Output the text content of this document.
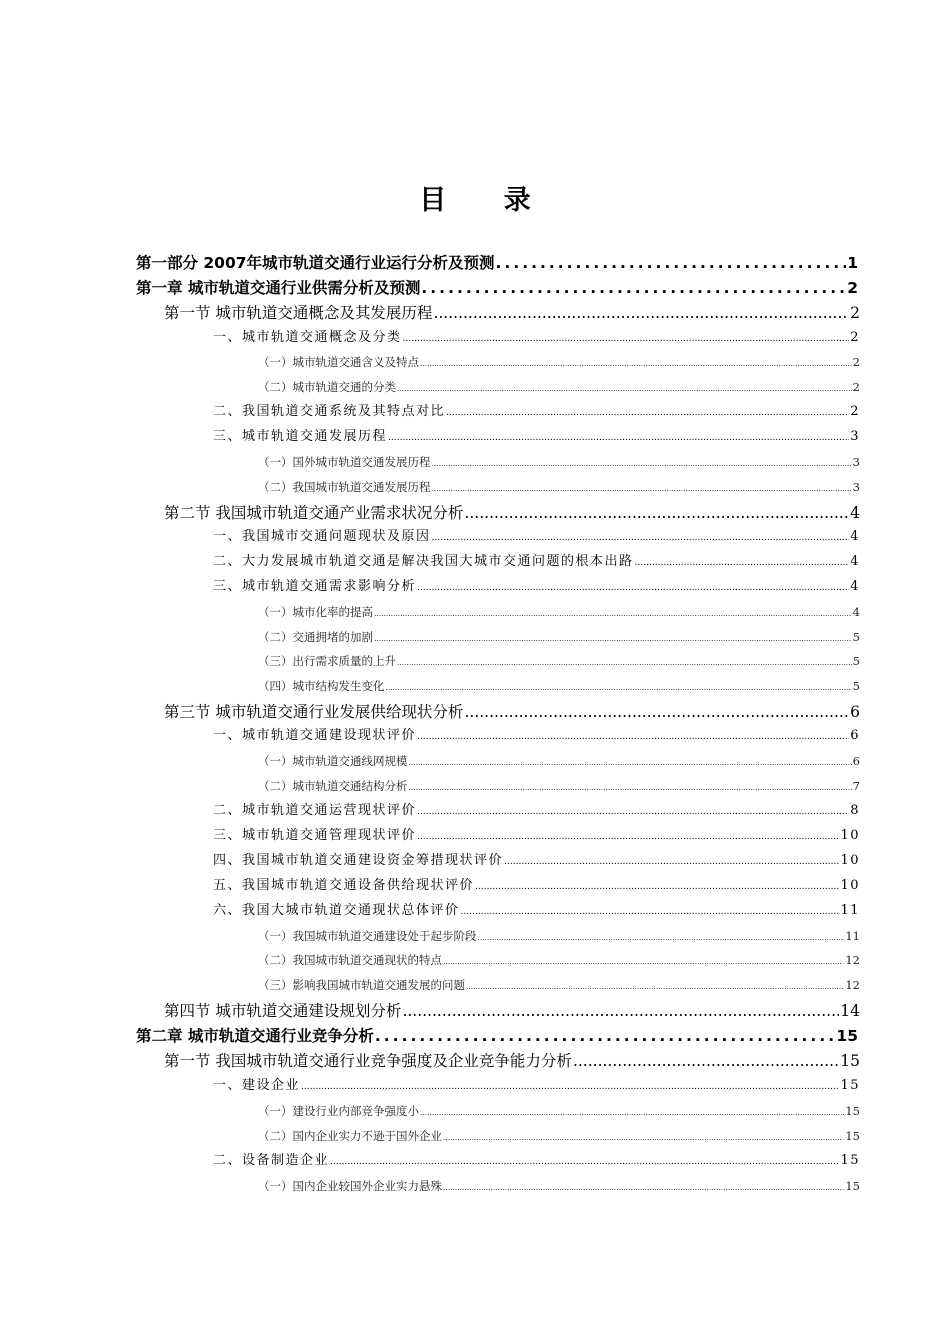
目 录
第一部分 2007年城市轨道交通行业运行分析及预测 .....	1
第一章 城市轨道交通行业供需分析及预测 .....	2
第一节 城市轨道交通概念及其发展历程 .....	2
一、城市轨道交通概念及分类 .....	2
（一）城市轨道交通含义及特点 .....	2
（二）城市轨道交通的分类 .....	2
二、我国轨道交通系统及其特点对比 .....	2
三、城市轨道交通发展历程 .....	3
（一）国外城市轨道交通发展历程 .....	3
（二）我国城市轨道交通发展历程 .....	3
第二节 我国城市轨道交通产业需求状况分析 .....	4
一、我国城市交通问题现状及原因 .....	4
二、大力发展城市轨道交通是解决我国大城市交通问题的根本出路 .....	4
三、城市轨道交通需求影响分析 .....	4
（一）城市化率的提高 .....	4
（二）交通拥堵的加剧 .....	5
（三）出行需求质量的上升 .....	5
（四）城市结构发生变化 .....	5
第三节 城市轨道交通行业发展供给现状分析 .....	6
一、城市轨道交通建设现状评价 .....	6
（一）城市轨道交通线网规模 .....	6
（二）城市轨道交通结构分析 .....	7
二、城市轨道交通运营现状评价 .....	8
三、城市轨道交通管理现状评价 .....	10
四、我国城市轨道交通建设资金筹措现状评价 .....	10
五、我国城市轨道交通设备供给现状评价 .....	10
六、我国大城市轨道交通现状总体评价 .....	11
（一）我国城市轨道交通建设处于起步阶段 .....	11
（二）我国城市轨道交通现状的特点 .....	12
（三）影响我国城市轨道交通发展的问题 .....	12
第四节 城市轨道交通建设规划分析 .....	14
第二章 城市轨道交通行业竞争分析 .....	15
第一节 我国城市轨道交通行业竞争强度及企业竞争能力分析 .....	15
一、建设企业 .....	15
（一）建设行业内部竞争强度小 .....	15
（二）国内企业实力不逊于国外企业 .....	15
二、设备制造企业 .....	15
（一）国内企业较国外企业实力悬殊 .....	15
